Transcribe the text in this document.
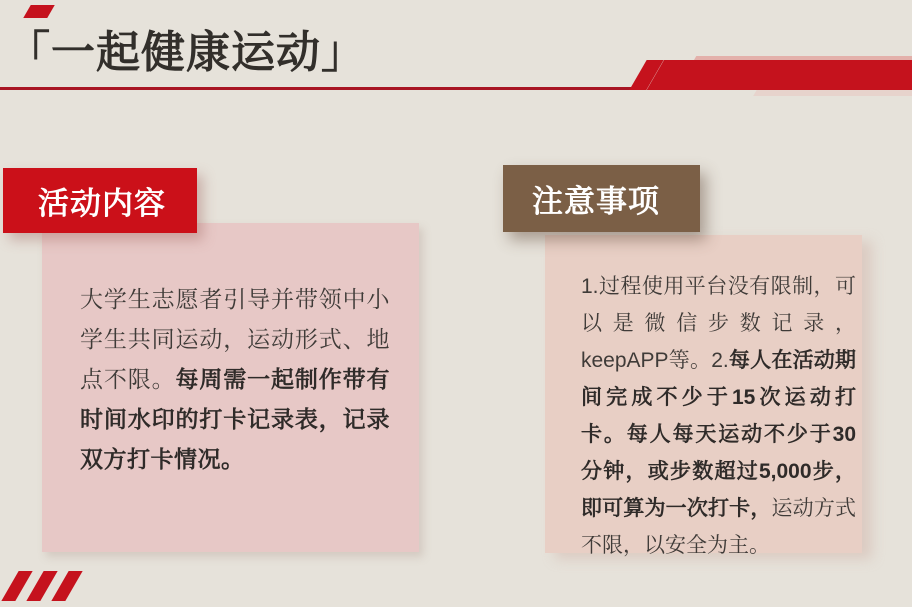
「一起健康运动」
活动内容

大学生志愿者引导并带领中小学生共同运动，运动形式、地点不限。每周需一起制作带有时间水印的打卡记录表，记录双方打卡情况。

注意事项

1.过程使用平台没有限制，可以是微信步数记录，keepAPP等。2.每人在活动期间完成不少于15次运动打卡。每人每天运动不少于30分钟，或步数超过5,000步，即可算为一次打卡，运动方式不限，以安全为主。
